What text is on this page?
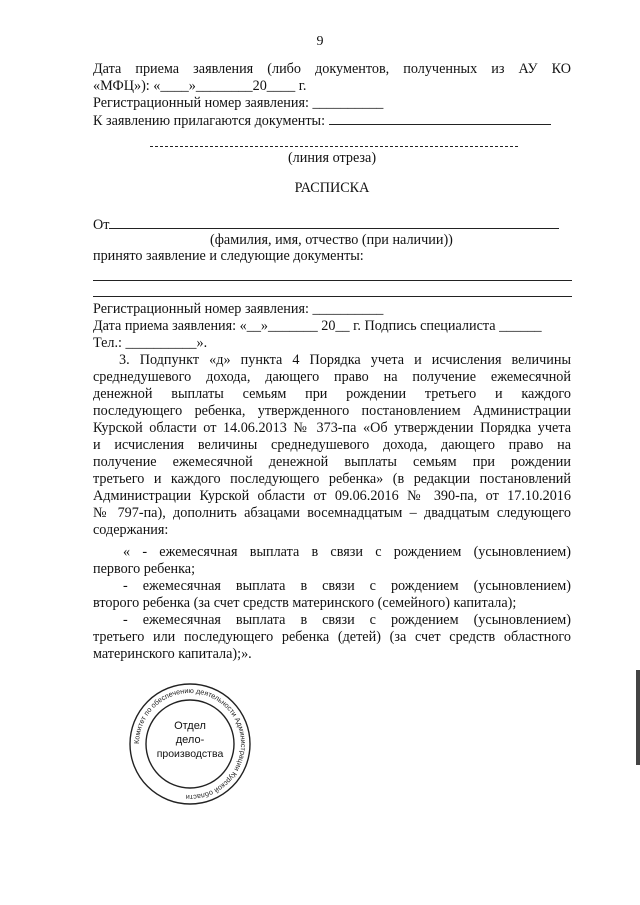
9
Дата приема заявления (либо документов, полученных из АУ КО
«МФЦ»): «____»________20____ г.
Регистрационный номер заявления: __________
К заявлению прилагаются документы:
(линия отреза)
РАСПИСКА
От
(фамилия, имя, отчество (при наличии))
принято заявление и следующие документы:
Регистрационный номер заявления: __________
Дата приема заявления: «__»_______ 20__ г. Подпись специалиста ______
Тел.: __________».
3. Подпункт «д» пункта 4 Порядка учета и исчисления величины
среднедушевого дохода, дающего право на получение ежемесячной
денежной выплаты семьям при рождении третьего и каждого
последующего ребенка, утвержденного постановлением Администрации
Курской области от 14.06.2013 № 373-па «Об утверждении Порядка учета
и исчисления величины среднедушевого дохода, дающего право на
получение ежемесячной денежной выплаты семьям при рождении
третьего и каждого последующего ребенка» (в редакции постановлений
Администрации Курской области от 09.06.2016 № 390-па, от 17.10.2016
№ 797-па), дополнить абзацами восемнадцатым – двадцатым следующего
содержания:
« - ежемесячная выплата в связи с рождением (усыновлением)
первого ребенка;
- ежемесячная выплата в связи с рождением (усыновлением)
второго ребенка (за счет средств материнского (семейного) капитала);
- ежемесячная выплата в связи с рождением (усыновлением)
третьего или последующего ребенка (детей) (за счет средств областного
материнского капитала);».
Комитет по обеспечению деятельности Администрации Курской области
Отдел
дело-
производства
